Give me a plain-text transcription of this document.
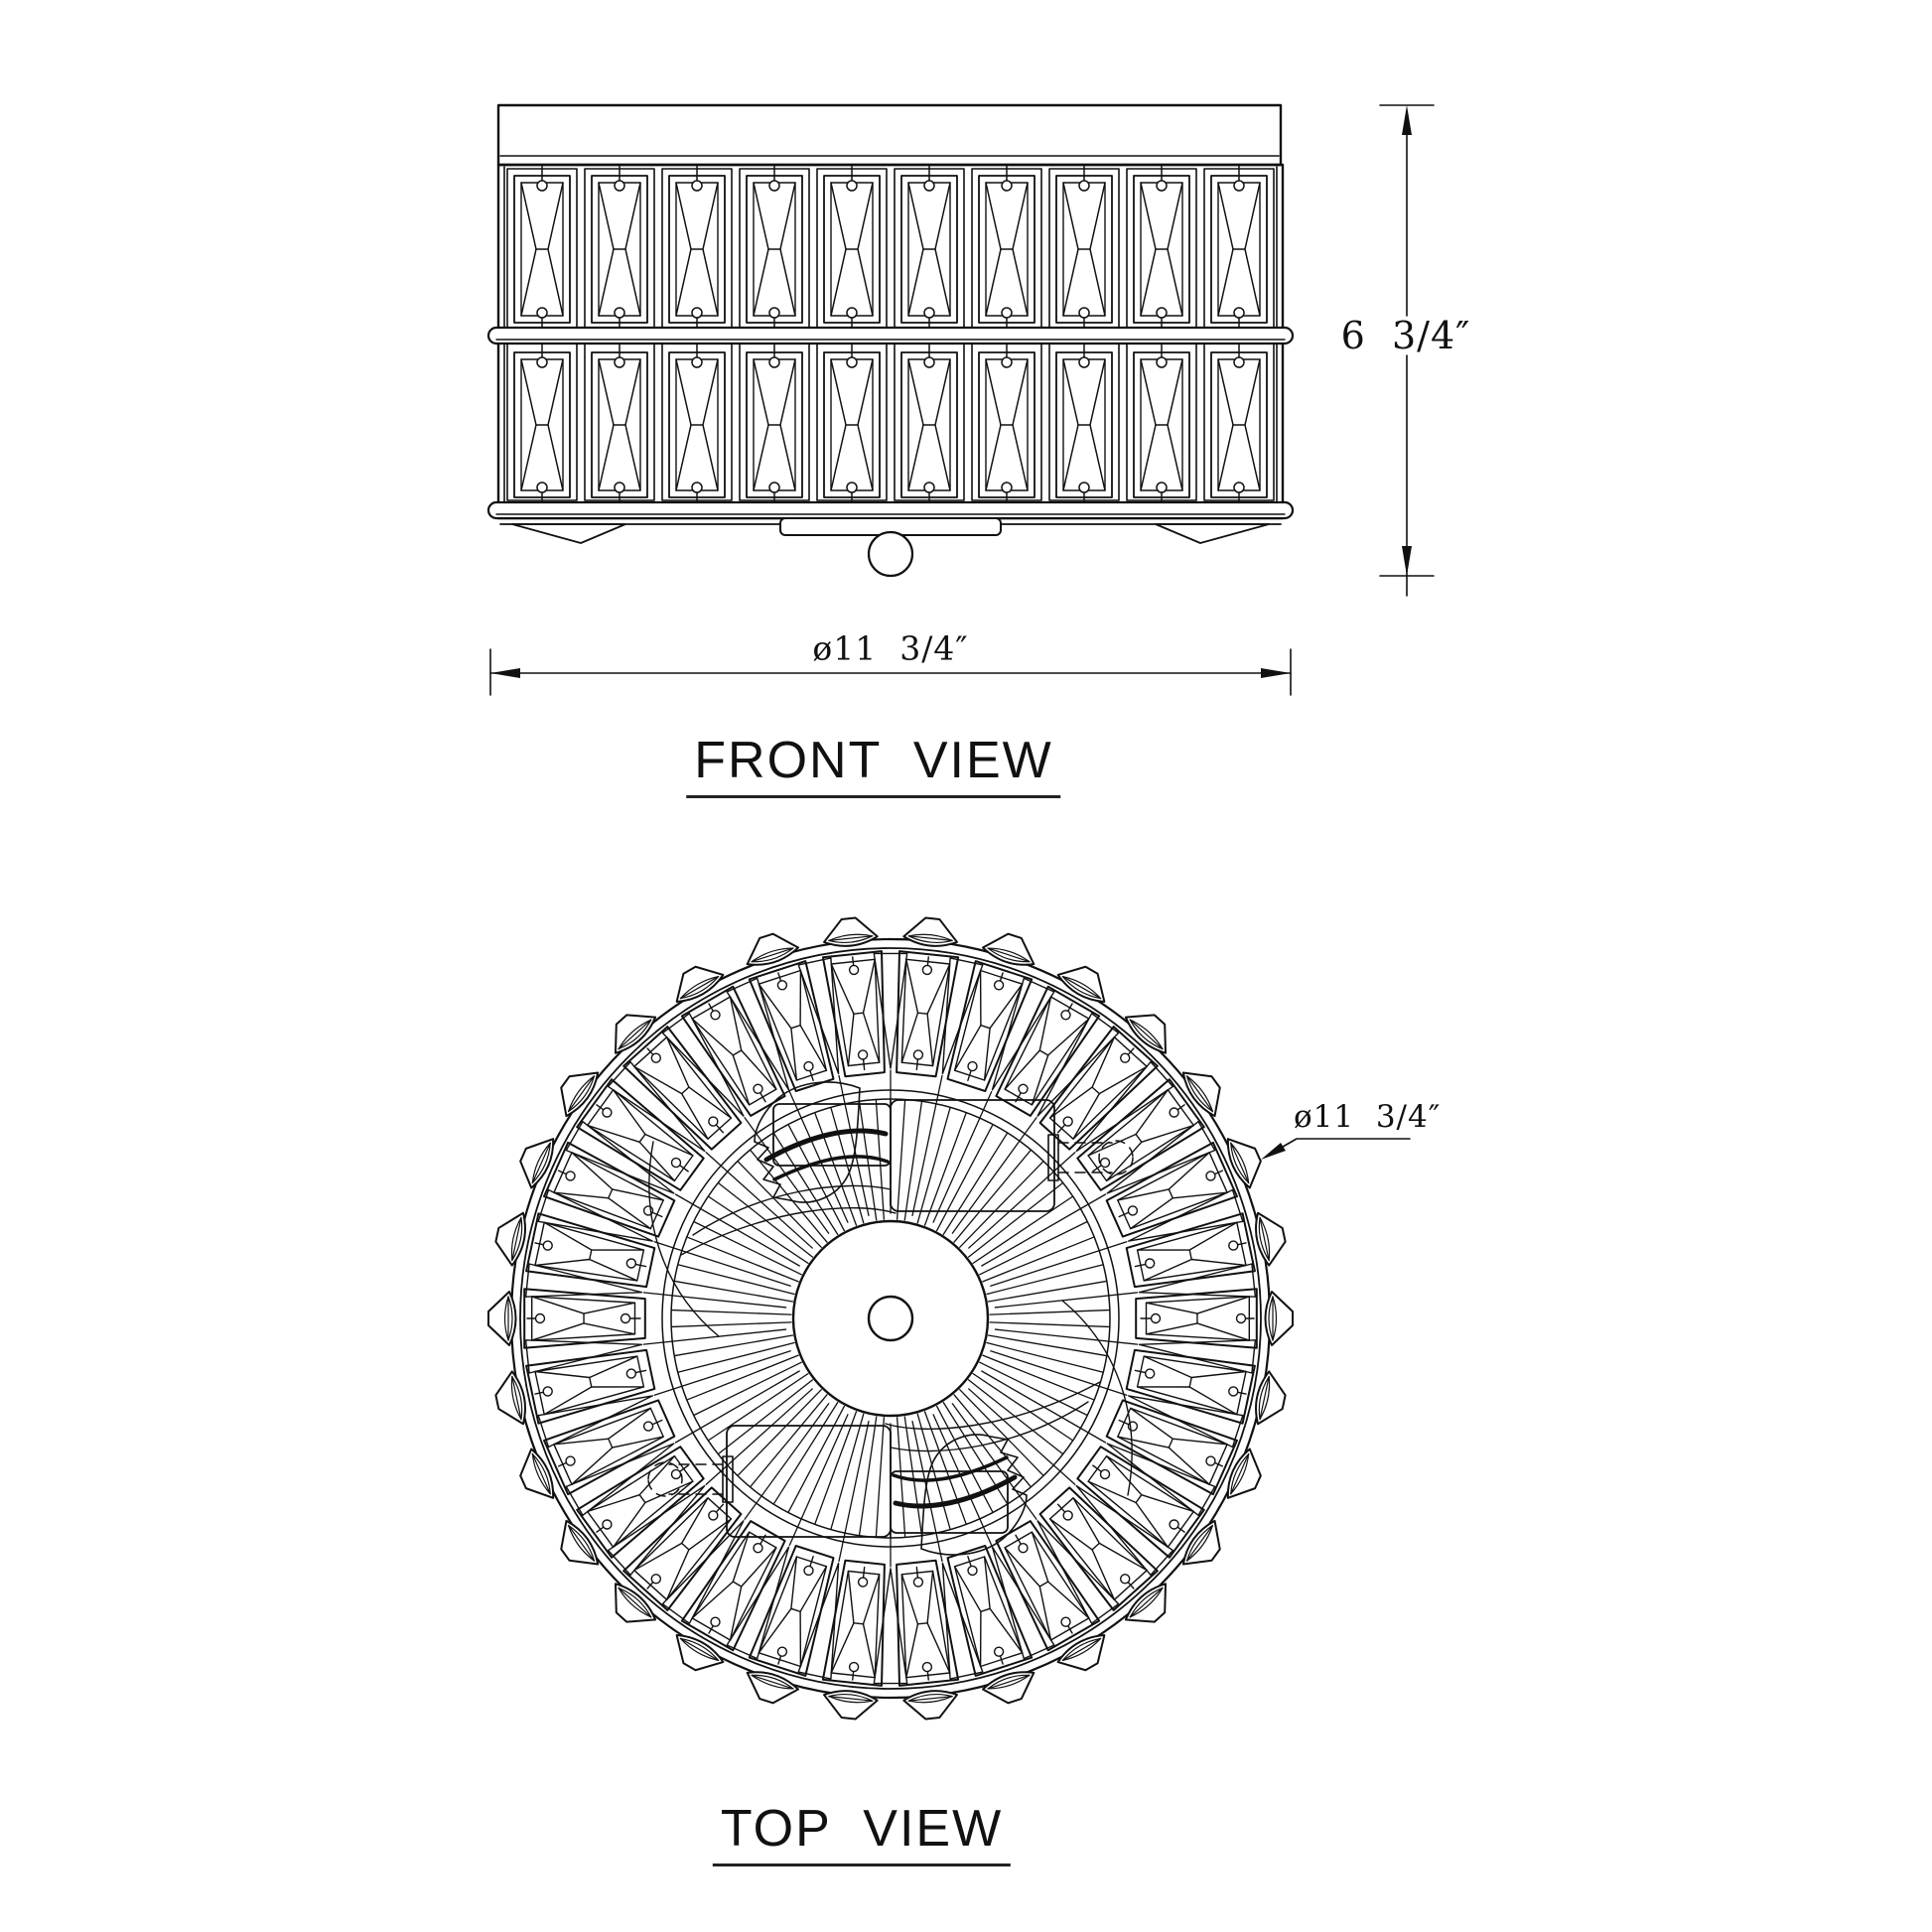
FRONT VIEW
TOP VIEW
6  3/4″
ø11  3/4″
ø11  3/4″
